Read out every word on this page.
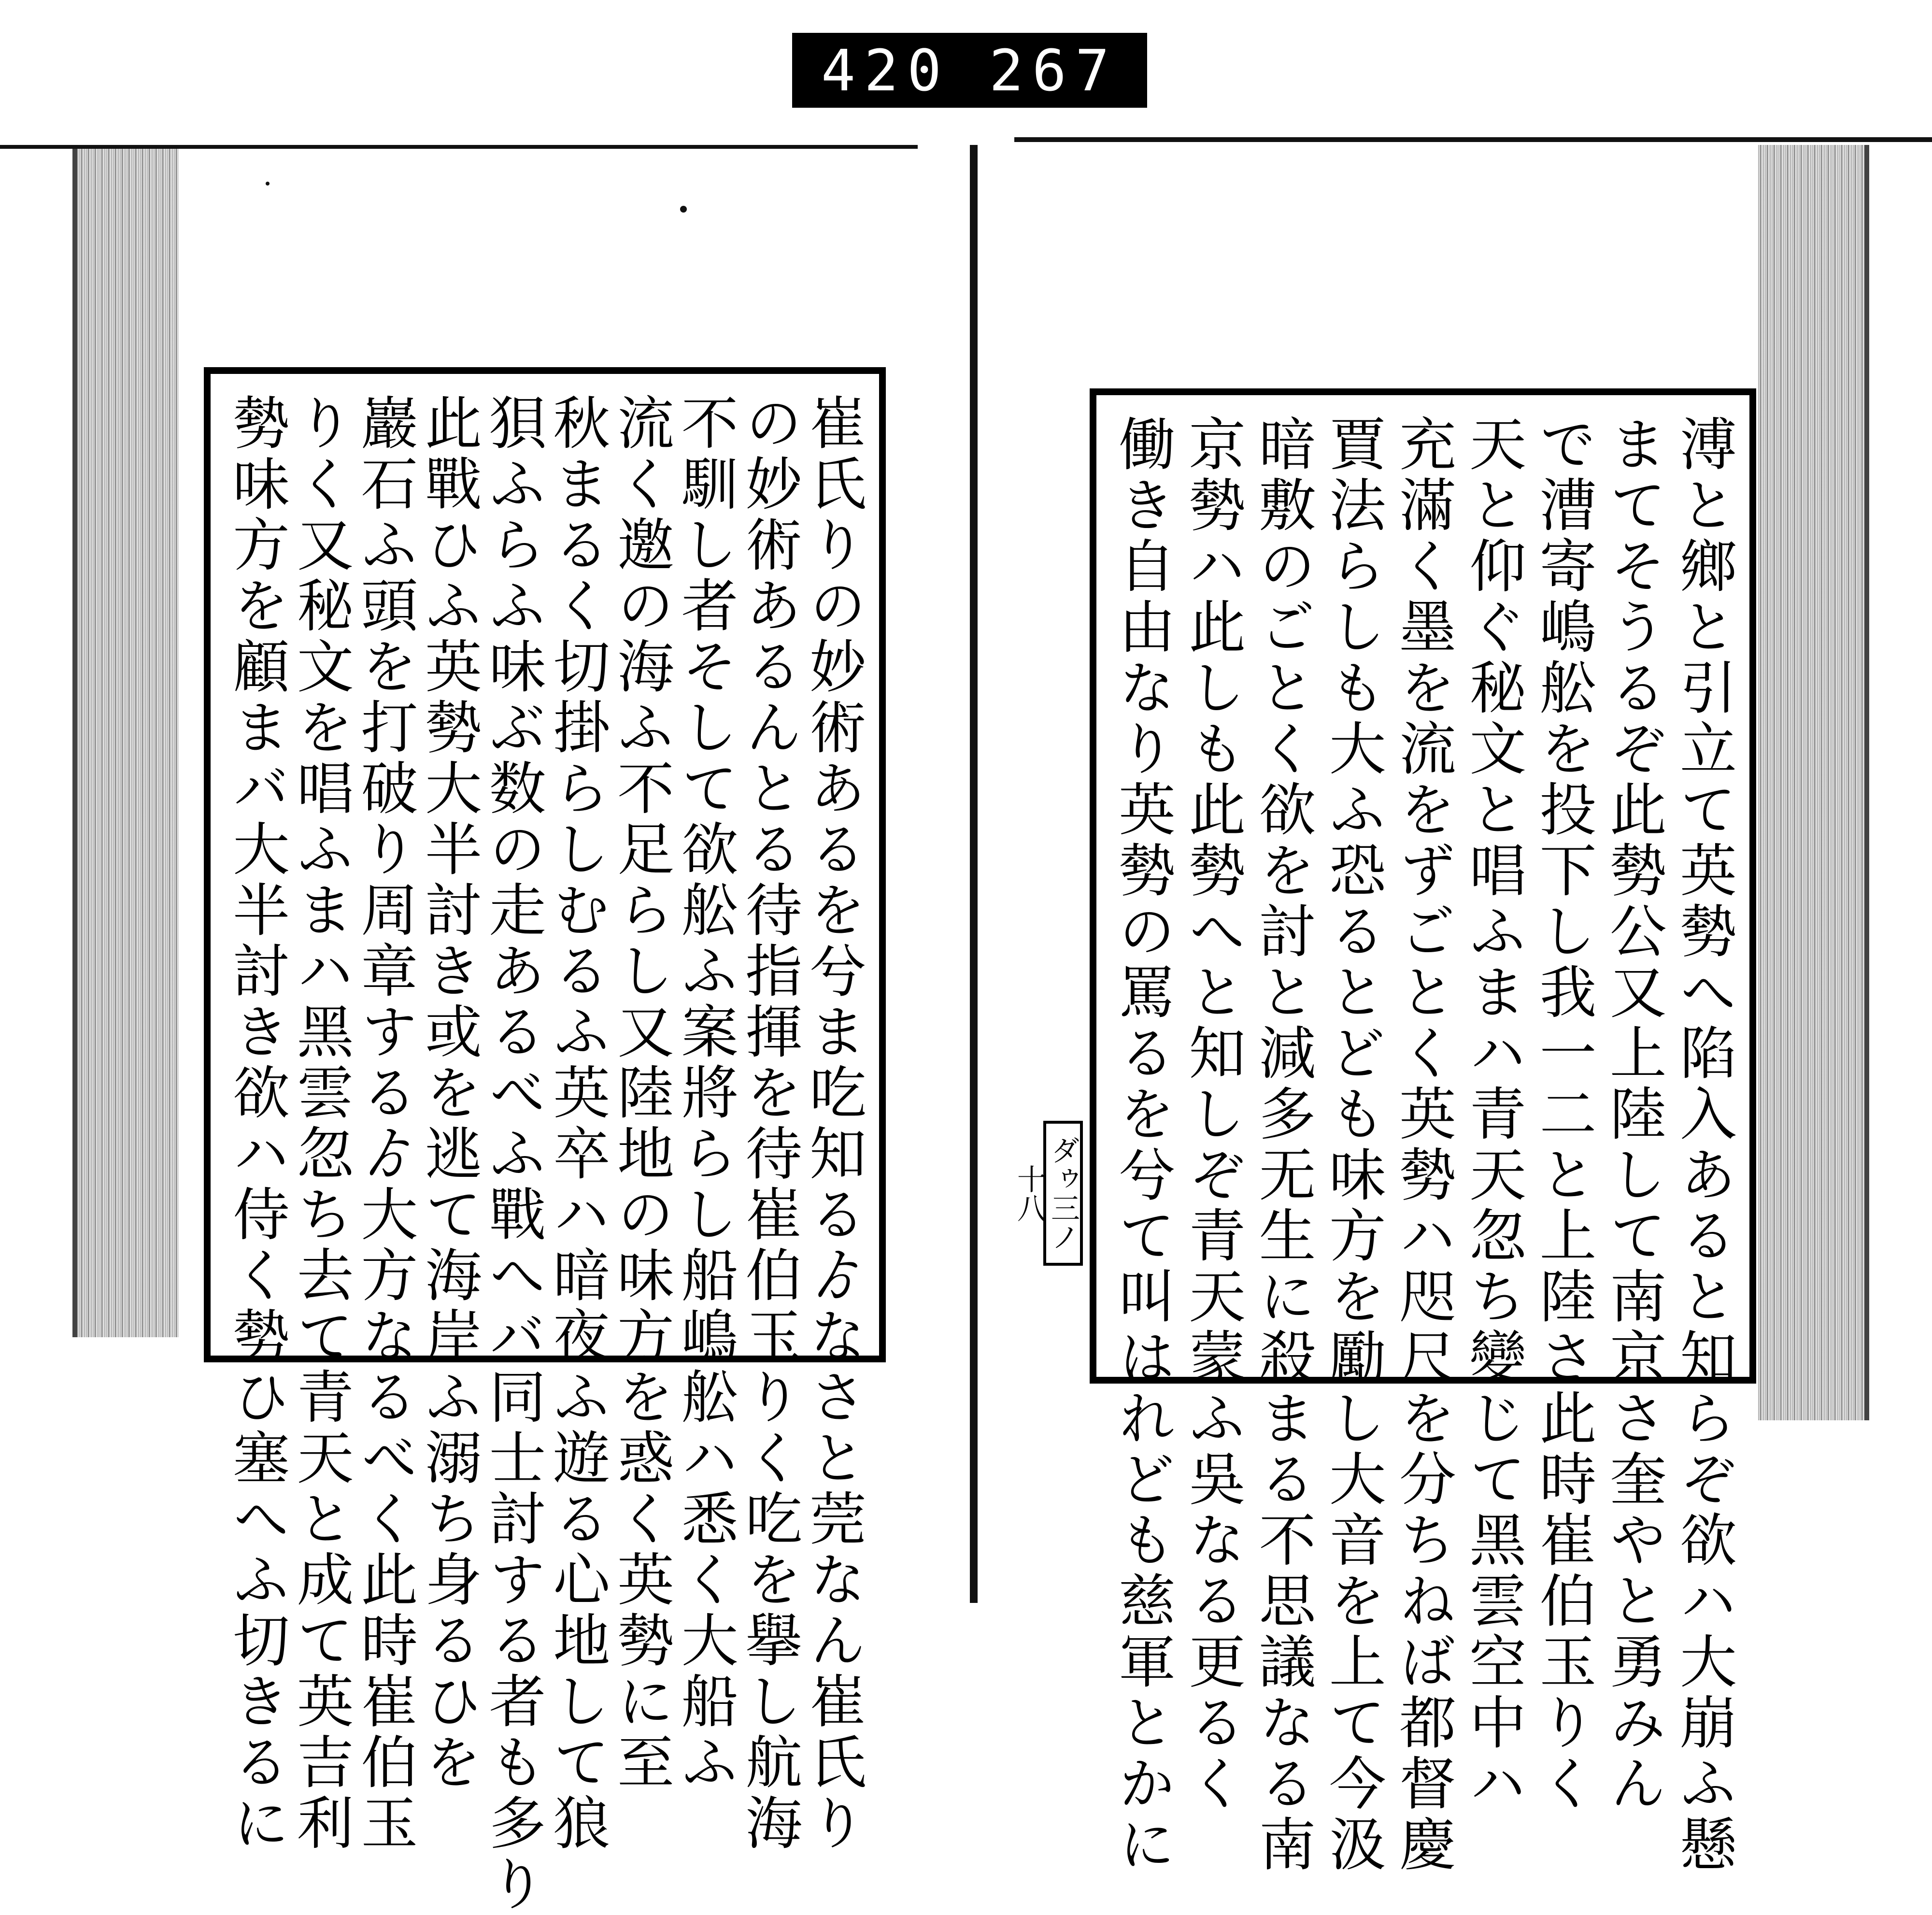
420 267
溥と鄉と引立て英勢へ陷入あると知らぞ欲ハ大崩ふ懸
まてそうるぞ此勢公又上陸して南京さ奎やと勇みん
で漕寄嶋舩を投下し我一二と上陸さ此時崔伯玉りく
天と仰ぐ秘文と唱ふまハ青天忽ち變じて黑雲空中ハ
充滿く墨を流をずごとく英勢ハ咫尺を分ちねば都督慶
賈法らしも大ふ恐るとども味方を勵し大音を上て今汲
暗敷のごとく欲を討と減多无生に殺まる不思議なる南
京勢ハ此しも此勢へと知しぞ青天蒙ふ吳なる更るく
働き自由なり英勢の罵るを兮て叫はれども慈軍とかに
ダゥ三ノ十八
崔氏りの妙術あるを兮ま吃知るゟなさと莞なん崔氏り
の妙術あるんとる待指揮を待崔伯玉りく吃を擧し航海
不馴し者そして欲舩ふ案將らし船嶋舩ハ悉く大船ふ
流く邀の海ふ不足らし又陸地の味方を惑く英勢に至
秋まるく切掛らしむるふ英卒ハ暗夜ふ遊る心地して狼
狽ふらふ味ぶ数の走あるべふ戰へバ同士討する者も多り
此戰ひふ英勢大半討き或を逃て海岸ふ溺ち身るひを
巖石ふ頭を打破り周章するゟ大方なるべく此時崔伯玉
りく又秘文を唱ふまハ黑雲忽ち去て青天と成て英吉利
勢味方を顧まバ大半討き欲ハ侍く勢ひ塞へふ切きるに
